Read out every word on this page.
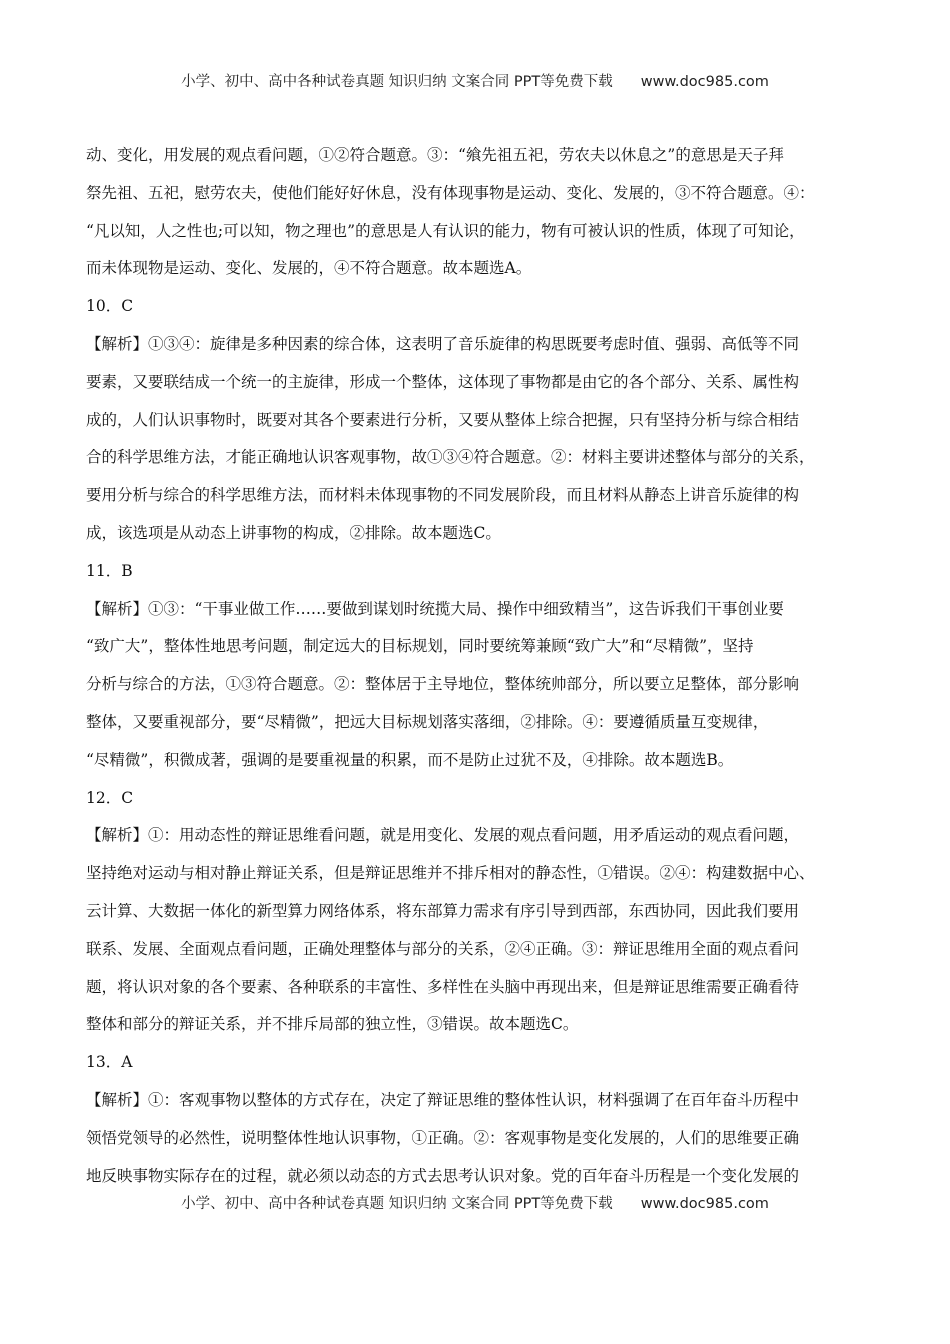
小学、初中、高中各种试卷真题 知识归纳 文案合同 PPT等免费下载 www.doc985.com
动、变化，用发展的观点看问题，①②符合题意。③：“飨先祖五祀，劳农夫以休息之”的意思是天子拜
祭先祖、五祀，慰劳农夫，使他们能好好休息，没有体现事物是运动、变化、发展的，③不符合题意。④：
“凡以知，人之性也;可以知，物之理也”的意思是人有认识的能力，物有可被认识的性质，体现了可知论，
而未体现物是运动、变化、发展的，④不符合题意。故本题选A。
10．C
【解析】①③④：旋律是多种因素的综合体，这表明了音乐旋律的构思既要考虑时值、强弱、高低等不同
要素，又要联结成一个统一的主旋律，形成一个整体，这体现了事物都是由它的各个部分、关系、属性构
成的，人们认识事物时，既要对其各个要素进行分析，又要从整体上综合把握，只有坚持分析与综合相结
合的科学思维方法，才能正确地认识客观事物，故①③④符合题意。②：材料主要讲述整体与部分的关系，
要用分析与综合的科学思维方法，而材料未体现事物的不同发展阶段，而且材料从静态上讲音乐旋律的构
成，该选项是从动态上讲事物的构成，②排除。故本题选C。
11．B
【解析】①③：“干事业做工作……要做到谋划时统揽大局、操作中细致精当”，这告诉我们干事创业要
“致广大”，整体性地思考问题，制定远大的目标规划，同时要统筹兼顾“致广大”和“尽精微”，坚持
分析与综合的方法，①③符合题意。②：整体居于主导地位，整体统帅部分，所以要立足整体，部分影响
整体，又要重视部分，要“尽精微”，把远大目标规划落实落细，②排除。④：要遵循质量互变规律，
“尽精微”，积微成著，强调的是要重视量的积累，而不是防止过犹不及，④排除。故本题选B。
12．C
【解析】①：用动态性的辩证思维看问题，就是用变化、发展的观点看问题，用矛盾运动的观点看问题，
坚持绝对运动与相对静止辩证关系，但是辩证思维并不排斥相对的静态性，①错误。②④：构建数据中心、
云计算、大数据一体化的新型算力网络体系，将东部算力需求有序引导到西部，东西协同，因此我们要用
联系、发展、全面观点看问题，正确处理整体与部分的关系，②④正确。③：辩证思维用全面的观点看问
题，将认识对象的各个要素、各种联系的丰富性、多样性在头脑中再现出来，但是辩证思维需要正确看待
整体和部分的辩证关系，并不排斥局部的独立性，③错误。故本题选C。
13．A
【解析】①：客观事物以整体的方式存在，决定了辩证思维的整体性认识，材料强调了在百年奋斗历程中
领悟党领导的必然性，说明整体性地认识事物，①正确。②：客观事物是变化发展的，人们的思维要正确
地反映事物实际存在的过程，就必须以动态的方式去思考认识对象。党的百年奋斗历程是一个变化发展的
小学、初中、高中各种试卷真题 知识归纳 文案合同 PPT等免费下载 www.doc985.com
